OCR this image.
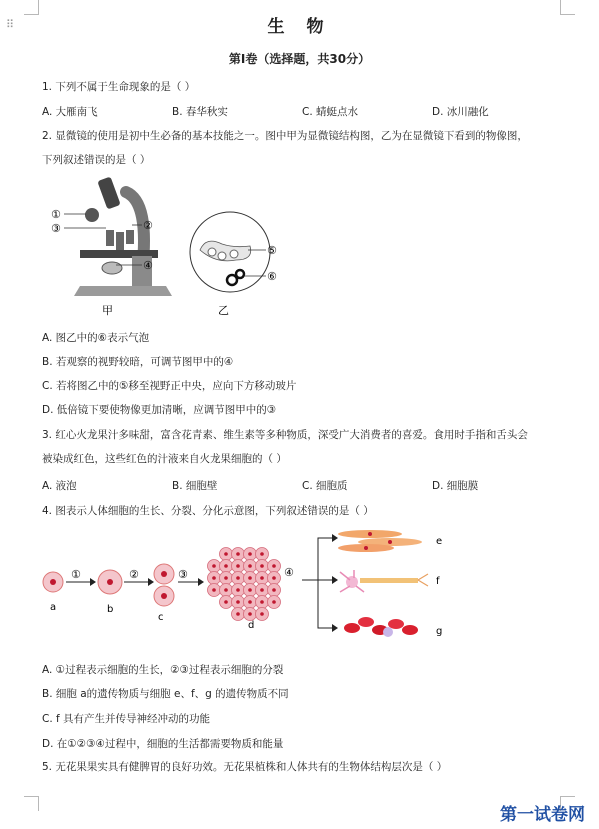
⠿	生 物
第Ⅰ卷（选择题，共30分）
1. 下列不属于生命现象的是（ ）
A. 大雁南飞	B. 春华秋实	C. 蜻蜓点水	D. 冰川融化
2. 显微镜的使用是初中生必备的基本技能之一。图中甲为显微镜结构图，乙为在显微镜下看到的物像图，
下列叙述错误的是（ ）
①
③	②
④
甲
⑤
⑥
乙
A. 图乙中的⑥表示气泡
B. 若观察的视野较暗，可调节图甲中的④
C. 若将图乙中的⑤移至视野正中央，应向下方移动玻片
D. 低倍镜下要使物像更加清晰，应调节图甲中的③
3. 红心火龙果汁多味甜，富含花青素、维生素等多种物质，深受广大消费者的喜爱。食用时手指和舌头会
被染成红色，这些红色的汁液来自火龙果细胞的（ ）
A. 液泡	B. 细胞壁	C. 细胞质	D. 细胞膜
4. 图表示人体细胞的生长、分裂、分化示意图，下列叙述错误的是（ ）
a
①
b
②
c
③
d
④
e
f
g
A. ①过程表示细胞的生长，②③过程表示细胞的分裂
B. 细胞 a的遗传物质与细胞 e、f、g 的遗传物质不同
C. f 具有产生并传导神经冲动的功能
D. 在①②③④过程中，细胞的生活都需要物质和能量
5. 无花果果实具有健脾胃的良好功效。无花果植株和人体共有的生物体结构层次是（ ）
第一试卷网
